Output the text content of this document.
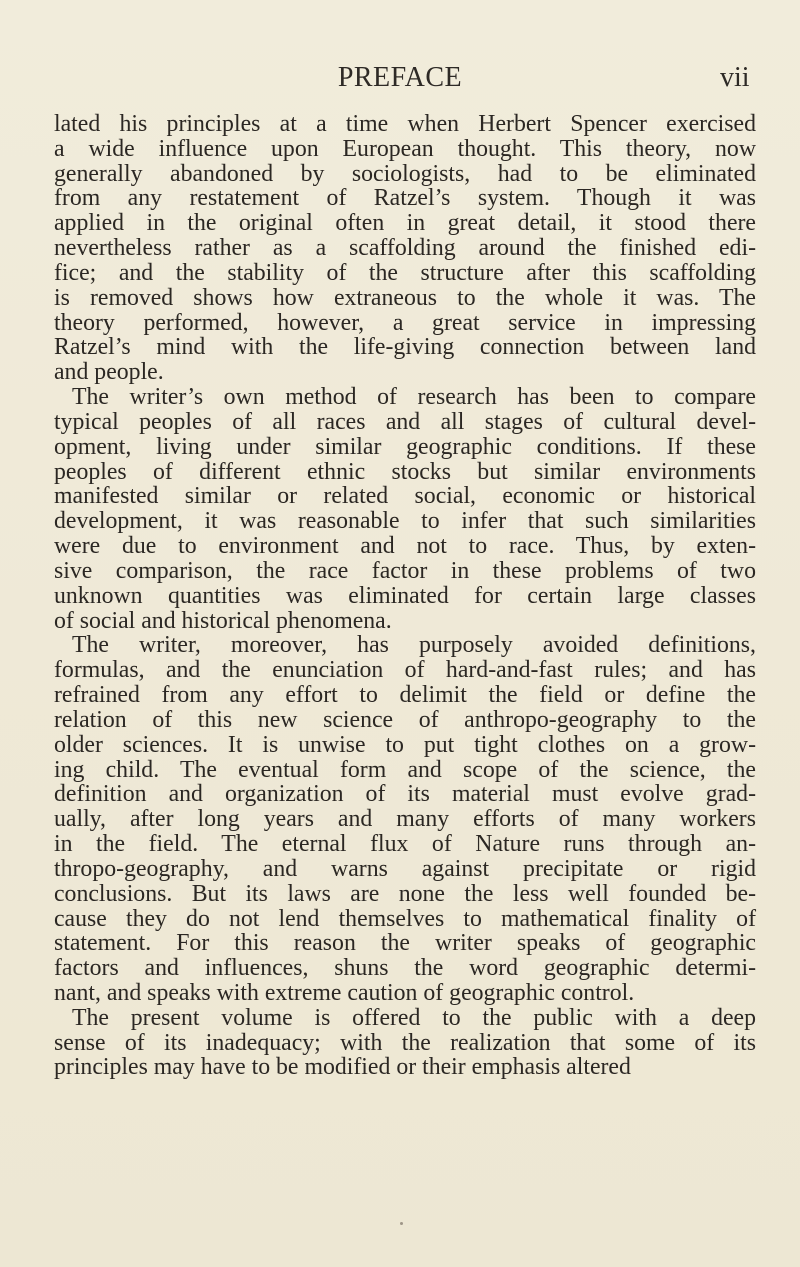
PREFACE	vii
lated his principles at a time when Herbert Spencer exercised
a wide influence upon European thought. This theory, now
generally abandoned by sociologists, had to be eliminated
from any restatement of Ratzel’s system. Though it was
applied in the original often in great detail, it stood there
nevertheless rather as a scaffolding around the finished edi-
fice; and the stability of the structure after this scaffolding
is removed shows how extraneous to the whole it was. The
theory performed, however, a great service in impressing
Ratzel’s mind with the life-giving connection between land
and people.
The writer’s own method of research has been to compare
typical peoples of all races and all stages of cultural devel-
opment, living under similar geographic conditions. If these
peoples of different ethnic stocks but similar environments
manifested similar or related social, economic or historical
development, it was reasonable to infer that such similarities
were due to environment and not to race. Thus, by exten-
sive comparison, the race factor in these problems of two
unknown quantities was eliminated for certain large classes
of social and historical phenomena.
The writer, moreover, has purposely avoided definitions,
formulas, and the enunciation of hard-and-fast rules; and has
refrained from any effort to delimit the field or define the
relation of this new science of anthropo-geography to the
older sciences. It is unwise to put tight clothes on a grow-
ing child. The eventual form and scope of the science, the
definition and organization of its material must evolve grad-
ually, after long years and many efforts of many workers
in the field. The eternal flux of Nature runs through an-
thropo-geography, and warns against precipitate or rigid
conclusions. But its laws are none the less well founded be-
cause they do not lend themselves to mathematical finality of
statement. For this reason the writer speaks of geographic
factors and influences, shuns the word geographic determi-
nant, and speaks with extreme caution of geographic control.
The present volume is offered to the public with a deep
sense of its inadequacy; with the realization that some of its
principles may have to be modified or their emphasis altered
